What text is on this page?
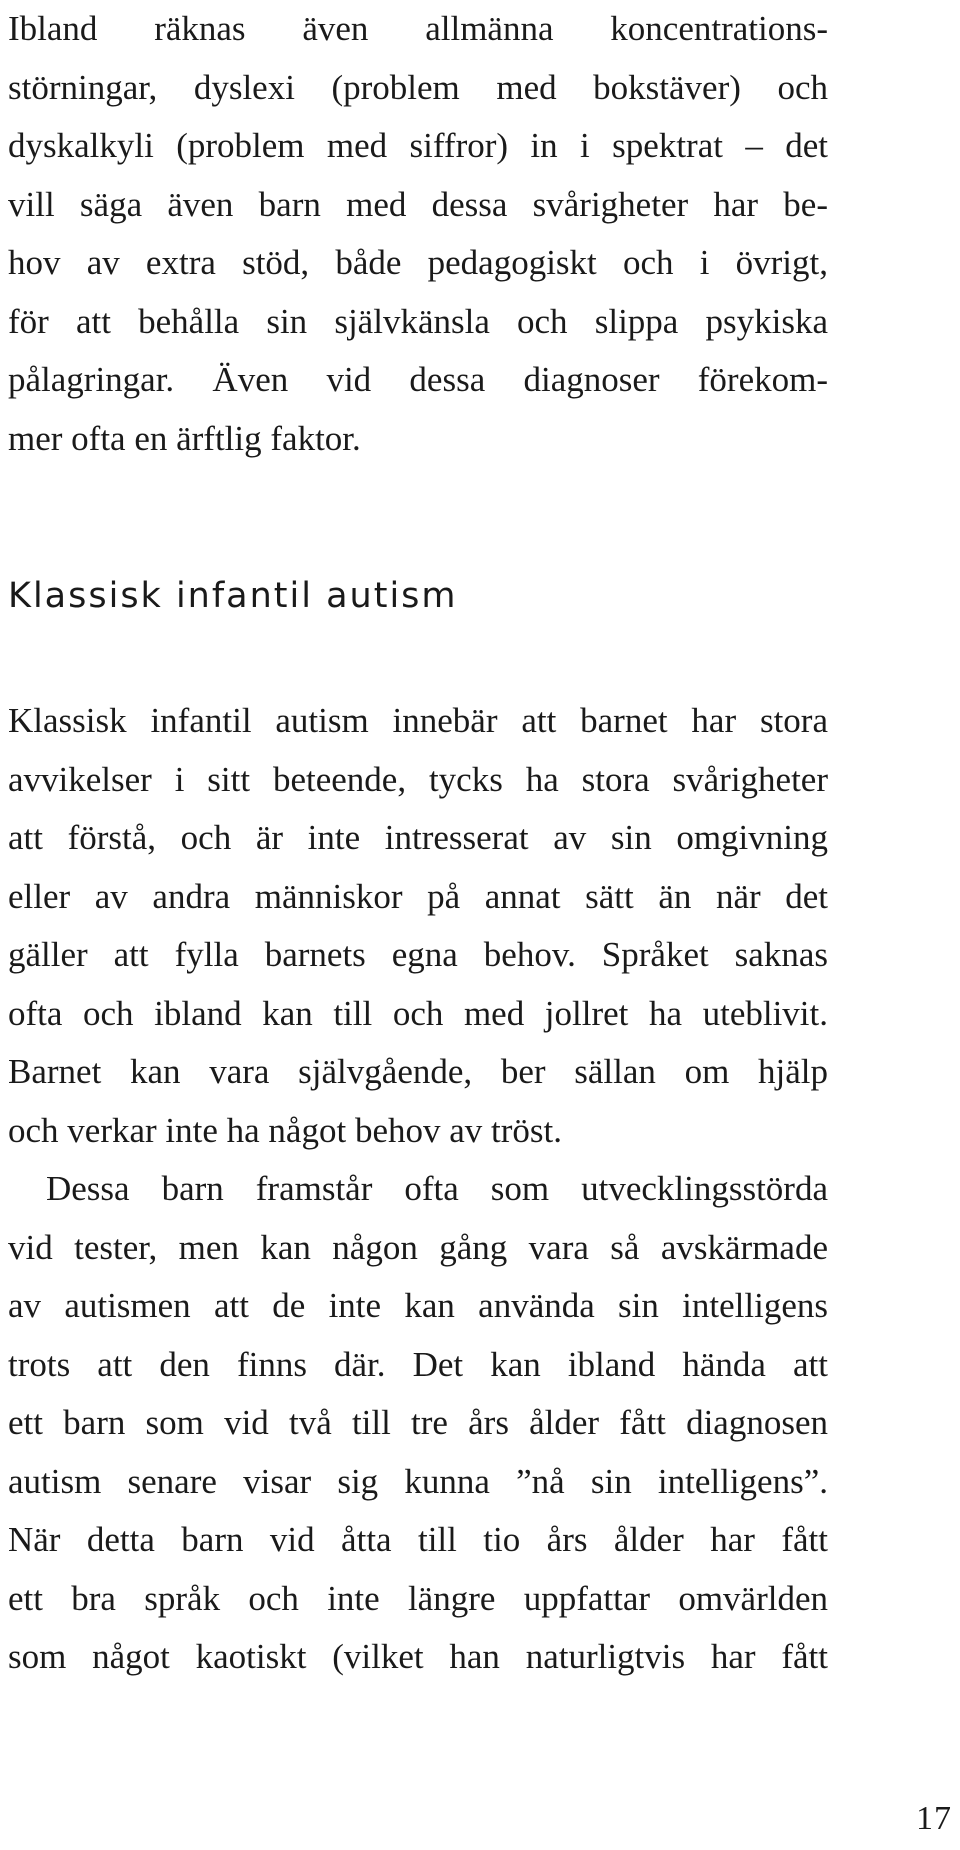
Ibland räknas även allmänna koncentrations-
störningar, dyslexi (problem med bokstäver) och
dyskalkyli (problem med siffror) in i spektrat – det
vill säga även barn med dessa svårigheter har be-
hov av extra stöd, både pedagogiskt och i övrigt,
för att behålla sin självkänsla och slippa psykiska
pålagringar. Även vid dessa diagnoser förekom-
mer ofta en ärftlig faktor.

Klassisk infantil autism

Klassisk infantil autism innebär att barnet har stora
avvikelser i sitt beteende, tycks ha stora svårigheter
att förstå, och är inte intresserat av sin omgivning
eller av andra människor på annat sätt än när det
gäller att fylla barnets egna behov. Språket saknas
ofta och ibland kan till och med jollret ha uteblivit.
Barnet kan vara självgående, ber sällan om hjälp
och verkar inte ha något behov av tröst.

Dessa barn framstår ofta som utvecklingsstörda
vid tester, men kan någon gång vara så avskärmade
av autismen att de inte kan använda sin intelligens
trots att den finns där. Det kan ibland hända att
ett barn som vid två till tre års ålder fått diagnosen
autism senare visar sig kunna ”nå sin intelligens”.
När detta barn vid åtta till tio års ålder har fått
ett bra språk och inte längre uppfattar omvärlden
som något kaotiskt (vilket han naturligtvis har fått

17
